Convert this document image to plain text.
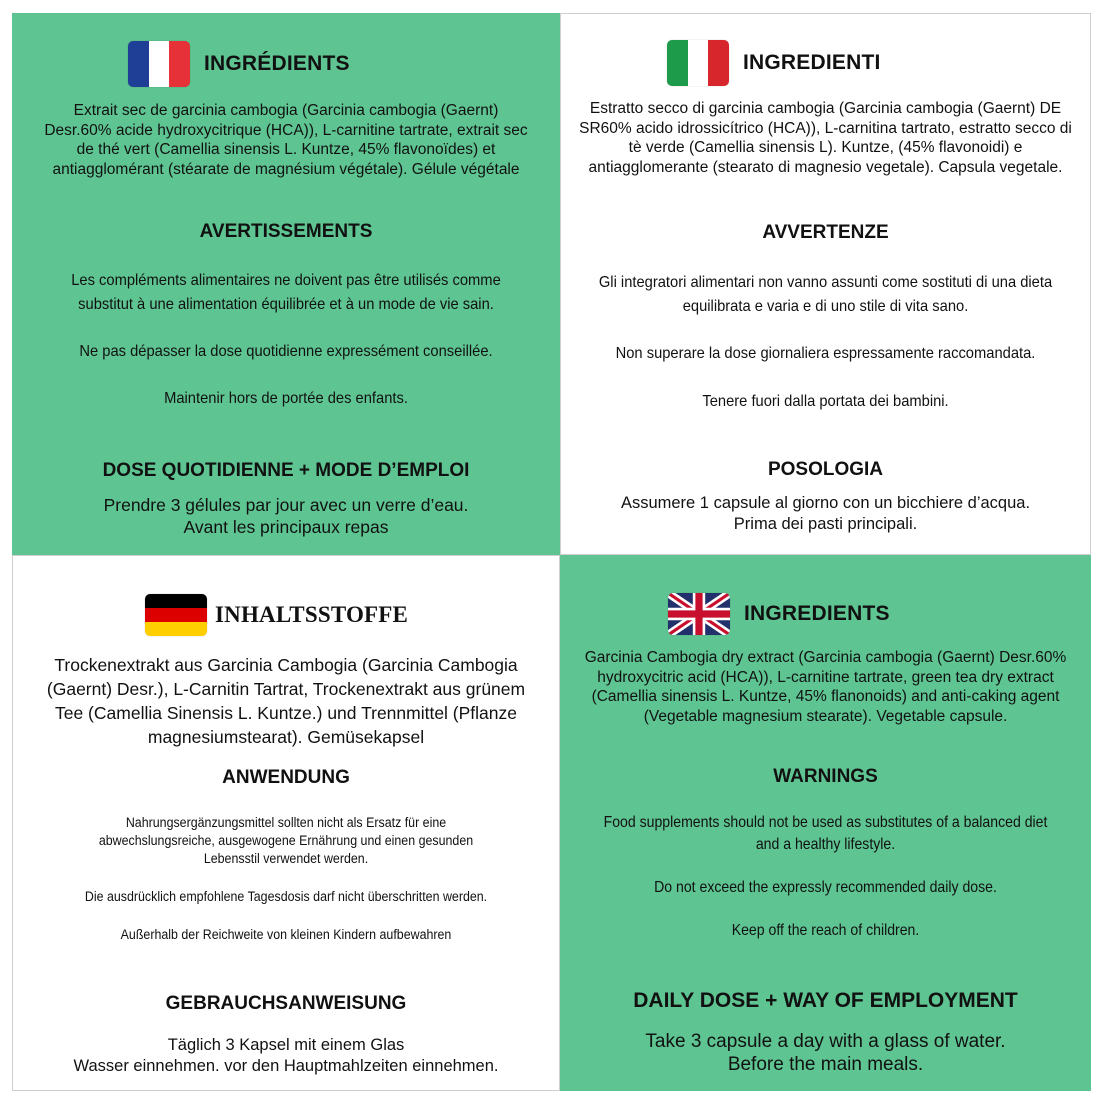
INGRÉDIENTS
Extrait sec de garcinia cambogia (Garcinia cambogia (Gaernt) Desr.60% acide hydroxycitrique (HCA)), L-carnitine tartrate, extrait sec de thé vert (Camellia sinensis L. Kuntze, 45% flavonoïdes) et antiagglomérant (stéarate de magnésium végétale). Gélule végétale
AVERTISSEMENTS
Les compléments alimentaires ne doivent pas être utilisés comme substitut à une alimentation équilibrée et à un mode de vie sain.
Ne pas dépasser la dose quotidienne expressément conseillée.
Maintenir hors de portée des enfants.
DOSE QUOTIDIENNE + MODE D’EMPLOI
Prendre 3 gélules par jour avec un verre d’eau.
Avant les principaux repas
INGREDIENTI
Estratto secco di garcinia cambogia (Garcinia cambogia (Gaernt) DE SR60% acido idrossicítrico (HCA)), L-carnitina tartrato, estratto secco di tè verde (Camellia sinensis L). Kuntze, (45% flavonoidi) e antiagglomerante (stearato di magnesio vegetale). Capsula vegetale.
AVVERTENZE
Gli integratori alimentari non vanno assunti come sostituti di una dieta equilibrata e varia e di uno stile di vita sano.
Non superare la dose giornaliera espressamente raccomandata.
Tenere fuori dalla portata dei bambini.
POSOLOGIA
Assumere 1 capsule al giorno con un bicchiere d’acqua.
Prima dei pasti principali.
INHALTSSTOFFE
Trockenextrakt aus Garcinia Cambogia (Garcinia Cambogia (Gaernt) Desr.), L-Carnitin Tartrat, Trockenextrakt aus grünem Tee (Camellia Sinensis L. Kuntze.) und Trennmittel (Pflanze magnesiumstearat). Gemüsekapsel
ANWENDUNG
Nahrungsergänzungsmittel sollten nicht als Ersatz für eine abwechslungsreiche, ausgewogene Ernährung und einen gesunden Lebensstil verwendet werden.
Die ausdrücklich empfohlene Tagesdosis darf nicht überschritten werden.
Außerhalb der Reichweite von kleinen Kindern aufbewahren
GEBRAUCHSANWEISUNG
Täglich 3 Kapsel mit einem Glas
Wasser einnehmen. vor den Hauptmahlzeiten einnehmen.
INGREDIENTS
Garcinia Cambogia dry extract (Garcinia cambogia (Gaernt) Desr.60% hydroxycitric acid (HCA)), L-carnitine tartrate, green tea dry extract (Camellia sinensis L. Kuntze, 45% flanonoids) and anti-caking agent (Vegetable magnesium stearate). Vegetable capsule.
WARNINGS
Food supplements should not be used as substitutes of a balanced diet and a healthy lifestyle.
Do not exceed the expressly recommended daily dose.
Keep off the reach of children.
DAILY DOSE + WAY OF EMPLOYMENT
Take 3 capsule a day with a glass of water.
Before the main meals.
